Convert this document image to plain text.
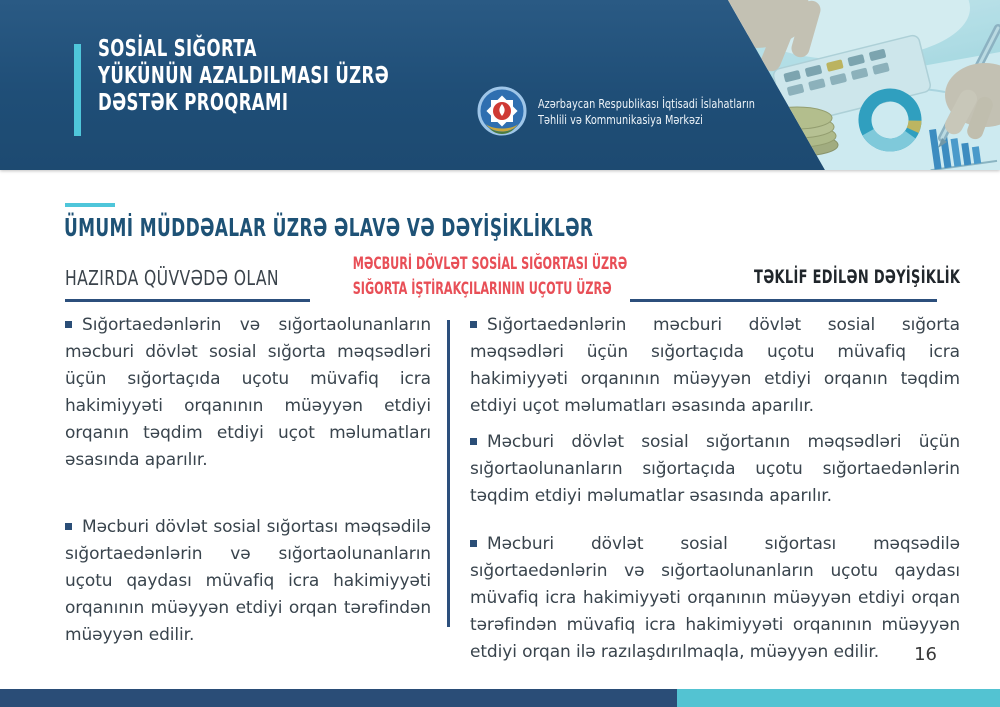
SOSİAL SIĞORTA
YÜKÜNÜN AZALDILMASI ÜZRƏ
DƏSTƏK PROQRAMI	Azərbaycan Respublikası İqtisadi İslahatların
Təhlili və Kommunikasiya Mərkəzi
ÜMUMİ MÜDDƏALAR ÜZRƏ ƏLAVƏ VƏ DƏYİŞİKLİKLƏR
HAZIRDA QÜVVƏDƏ OLAN
MƏCBURİ DÖVLƏT SOSİAL SIĞORTASI ÜZRƏ
SIĞORTA İŞTİRAKÇILARININ UÇOTU ÜZRƏ
TƏKLİF EDİLƏN DƏYİŞİKLİK

Sığortaedənlərin və sığortaolunanların məcburi dövlət sosial sığorta məqsədləri üçün sığortaçıda uçotu müvafiq icra hakimiyyəti orqanının müəyyən etdiyi orqanın təqdim etdiyi uçot məlumatları əsasında aparılır.

Məcburi dövlət sosial sığortası məqsədilə sığortaedənlərin və sığortaolunanların uçotu qaydası müvafiq icra hakimiyyəti orqanının müəyyən etdiyi orqan tərəfindən müəyyən edilir.

Sığortaedənlərin məcburi dövlət sosial sığorta məqsədləri üçün sığortaçıda uçotu müvafiq icra hakimiyyəti orqanının müəyyən etdiyi orqanın təqdim etdiyi uçot məlumatları əsasında aparılır.

Məcburi dövlət sosial sığortanın məqsədləri üçün sığortaolunanların sığortaçıda uçotu sığortaedənlərin təqdim etdiyi məlumatlar əsasında aparılır.

Məcburi dövlət sosial sığortası məqsədilə sığortaedənlərin və sığortaolunanların uçotu qaydası müvafiq icra hakimiyyəti orqanının müəyyən etdiyi orqan tərəfindən müvafiq icra hakimiyyəti orqanının müəyyən etdiyi orqan ilə razılaşdırılmaqla, müəyyən edilir.	16
